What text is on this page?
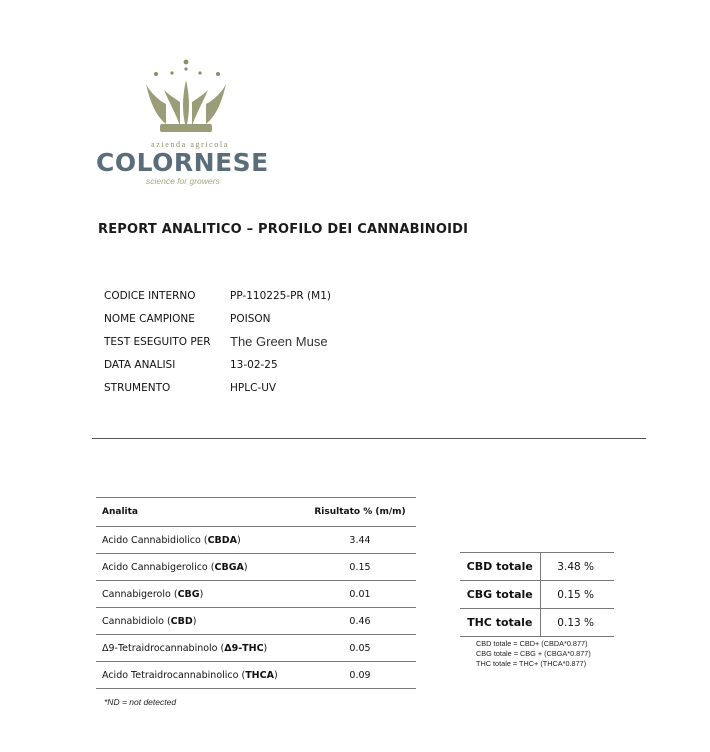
azienda agricola
COLORNESE
science for growers
REPORT ANALITICO – PROFILO DEI CANNABINOIDI
CODICE INTERNO	PP-110225-PR (M1)
NOME CAMPIONE	POISON
TEST ESEGUITO PER The Green Muse
DATA ANALISI	13-02-25
STRUMENTO	HPLC-UV
Analita	Risultato % (m/m)
Acido Cannabidiolico (CBDA)	3.44
Acido Cannabigerolico (CBGA)	0.15
Cannabigerolo (CBG)	0.01
Cannabidiolo (CBD)	0.46
Δ9-Tetraidrocannabinolo (Δ9-THC)	0.05
Acido Tetraidrocannabinolico (THCA)	0.09
CBD totale	3.48 %
CBG totale	0.15 %
THC totale	0.13 %
CBD totale = CBD+ (CBDA*0.877)
CBG totale = CBG + (CBGA*0.877)
THC totale = THC+ (THCA*0.877)
*ND = not detected
